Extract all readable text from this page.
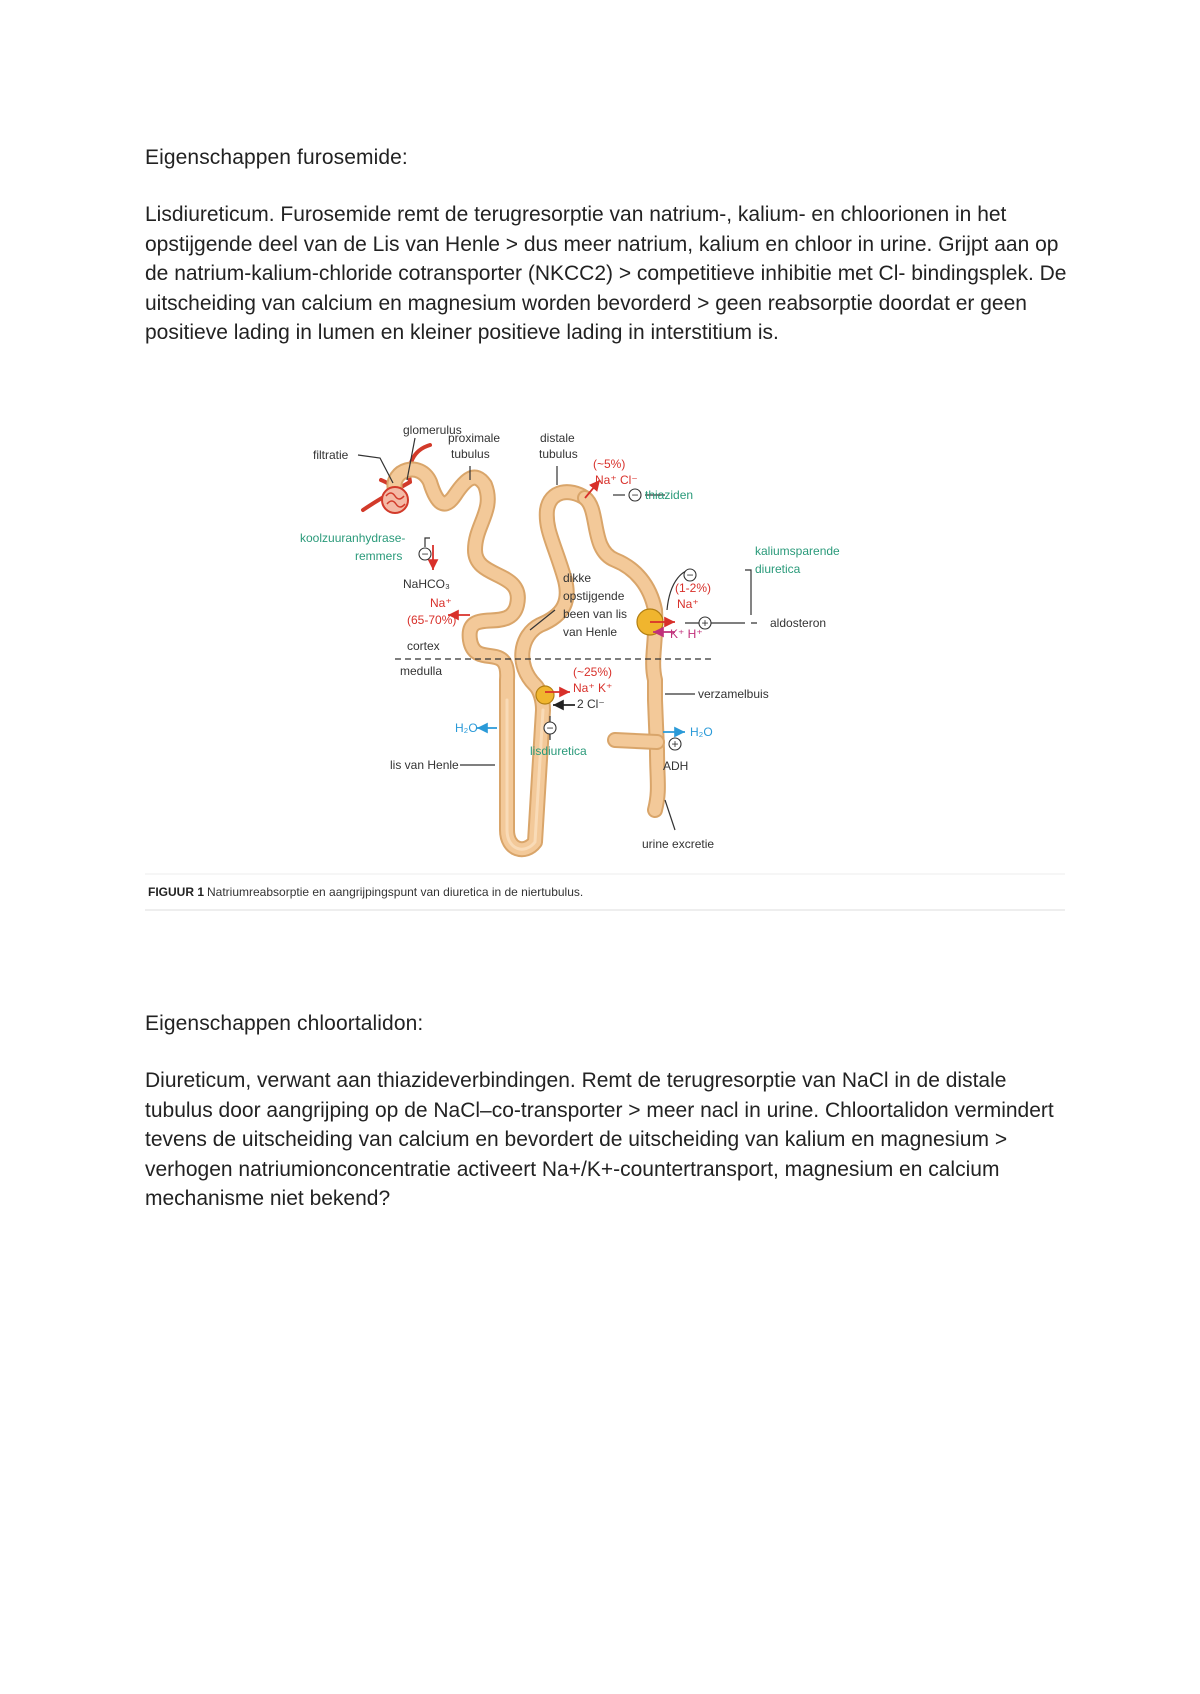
Eigenschappen furosemide:

Lisdiureticum. Furosemide remt de terugresorptie van natrium-, kalium- en chloorionen in het opstijgende deel van de Lis van Henle > dus meer natrium, kalium en chloor in urine. Grijpt aan op de natrium-kalium-chloride cotransporter (NKCC2) > competitieve inhibitie met Cl- bindingsplek. De uitscheiding van calcium en magnesium worden bevorderd > geen reabsorptie doordat er geen positieve lading in lumen en kleiner positieve lading in interstitium is.

−
−
−
+
−
+
glomerulus
filtratie
proximale
tubulus
distale
tubulus
(~5%)
Na⁺ Cl⁻
thiaziden
koolzuuranhydrase-
remmers
NaHCO₃
Na⁺
(65-70%)
dikke
opstijgende
been van lis
van Henle
kaliumsparende
diuretica
(1-2%)
Na⁺
aldosteron
K⁺ H⁺
cortex
medulla	(~25%)
Na⁺ K⁺
2 Cl⁻
verzamelbuis
H₂O	H₂O
lisdiuretica
ADH
lis van Henle
urine excretie
FIGUUR 1 Natriumreabsorptie en aangrijpingspunt van diuretica in de niertubulus.
Eigenschappen chloortalidon:

Diureticum, verwant aan thiazideverbindingen. Remt de terugresorptie van NaCl in de distale tubulus door aangrijping op de NaCl–co-transporter > meer nacl in urine. Chloortalidon vermindert tevens de uitscheiding van calcium en bevordert de uitscheiding van kalium en magnesium > verhogen natriumionconcentratie activeert Na+/K+-countertransport, magnesium en calcium mechanisme niet bekend?
